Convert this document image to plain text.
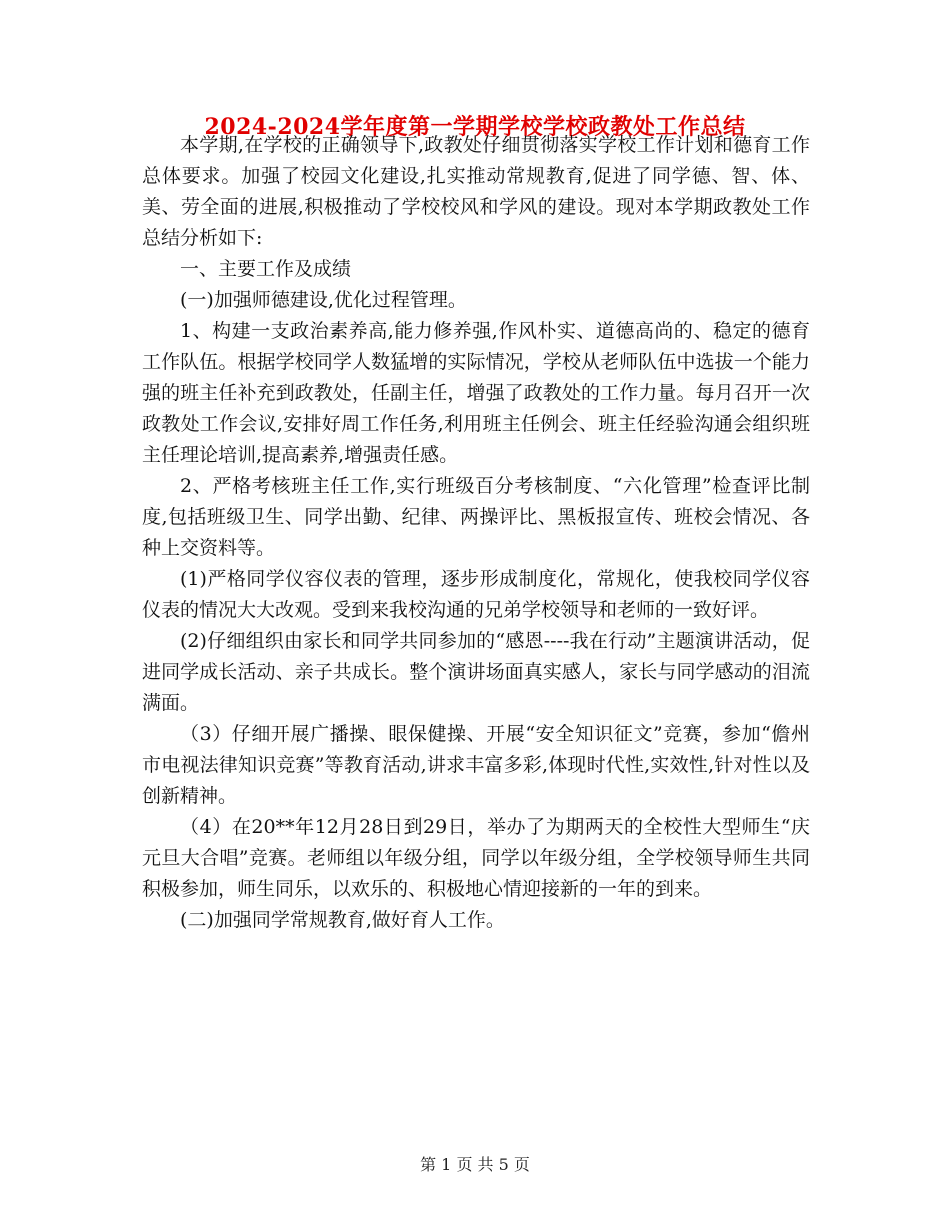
2024-2024学年度第一学期学校学校政教处工作总结

本学期,在学校的正确领导下,政教处仔细贯彻落实学校工作计划和德育工作总体要求。加强了校园文化建设,扎实推动常规教育,促进了同学德、智、体、美、劳全面的进展,积极推动了学校校风和学风的建设。现对本学期政教处工作总结分析如下:

一、主要工作及成绩

(一)加强师德建设,优化过程管理。

1、构建一支政治素养高,能力修养强,作风朴实、道德高尚的、稳定的德育工作队伍。根据学校同学人数猛增的实际情况，学校从老师队伍中选拔一个能力强的班主任补充到政教处，任副主任，增强了政教处的工作力量。每月召开一次政教处工作会议,安排好周工作任务,利用班主任例会、班主任经验沟通会组织班主任理论培训,提高素养,增强责任感。

2、严格考核班主任工作,实行班级百分考核制度、“六化管理”检查评比制度,包括班级卫生、同学出勤、纪律、两操评比、黑板报宣传、班校会情况、各种上交资料等。

(1)严格同学仪容仪表的管理，逐步形成制度化，常规化，使我校同学仪容仪表的情况大大改观。受到来我校沟通的兄弟学校领导和老师的一致好评。

(2)仔细组织由家长和同学共同参加的“感恩----我在行动”主题演讲活动，促进同学成长活动、亲子共成长。整个演讲场面真实感人，家长与同学感动的泪流满面。

（3）仔细开展广播操、眼保健操、开展“安全知识征文”竞赛，参加“儋州市电视法律知识竞赛”等教育活动,讲求丰富多彩,体现时代性,实效性,针对性以及创新精神。

（4）在20**年12月28日到29日，举办了为期两天的全校性大型师生“庆元旦大合唱”竞赛。老师组以年级分组，同学以年级分组，全学校领导师生共同积极参加，师生同乐，以欢乐的、积极地心情迎接新的一年的到来。

(二)加强同学常规教育,做好育人工作。

第 1 页 共 5 页
